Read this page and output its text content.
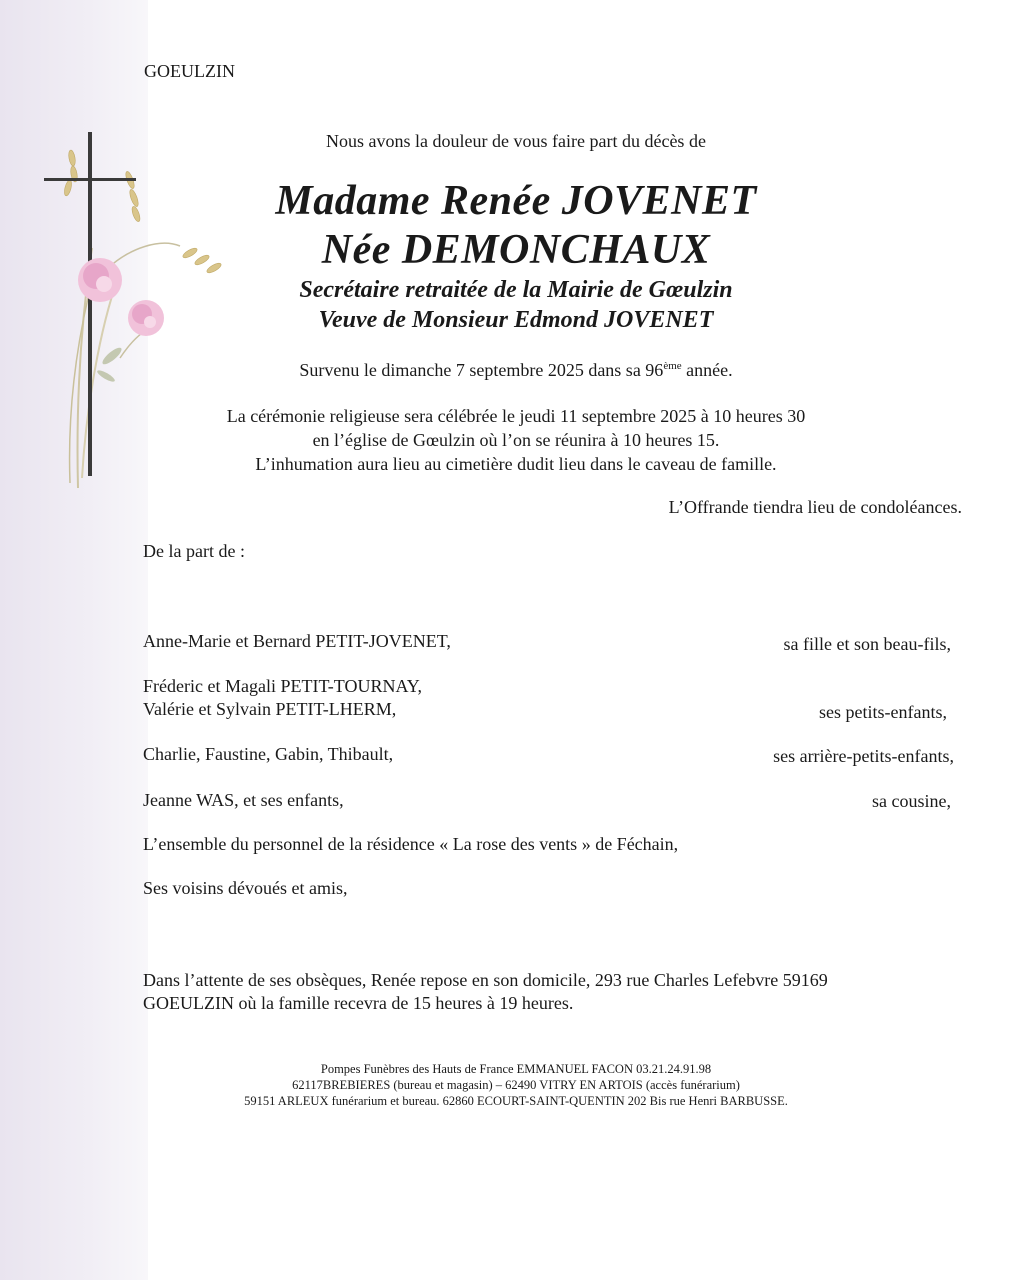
GOEULZIN
Nous avons la douleur de vous faire part du décès de
Madame Renée JOVENET
Née DEMONCHAUX
Secrétaire retraitée de la Mairie de Gœulzin
Veuve de Monsieur Edmond JOVENET
Survenu le dimanche 7 septembre 2025 dans sa 96ème année.
La cérémonie religieuse sera célébrée le jeudi 11 septembre 2025 à 10 heures 30
en l’église de Gœulzin où l’on se réunira à 10 heures 15.
L’inhumation aura lieu au cimetière dudit lieu dans le caveau de famille.
L’Offrande tiendra lieu de condoléances.
De la part de :
Anne-Marie et Bernard PETIT-JOVENET,	sa fille et son beau-fils,
Fréderic et Magali PETIT-TOURNAY,
Valérie et Sylvain PETIT-LHERM,	ses petits-enfants,
Charlie, Faustine, Gabin, Thibault,	ses arrière-petits-enfants,
Jeanne WAS, et ses enfants,	sa cousine,
L’ensemble du personnel de la résidence « La rose des vents » de Féchain,
Ses voisins dévoués et amis,
Dans l’attente de ses obsèques, Renée repose en son domicile, 293 rue Charles Lefebvre 59169
GOEULZIN où la famille recevra de 15 heures à 19 heures.
Pompes Funèbres des Hauts de France EMMANUEL FACON 03.21.24.91.98
62117BREBIERES (bureau et magasin) – 62490 VITRY EN ARTOIS (accès funérarium)
59151 ARLEUX funérarium et bureau. 62860 ECOURT-SAINT-QUENTIN 202 Bis rue Henri BARBUSSE.
